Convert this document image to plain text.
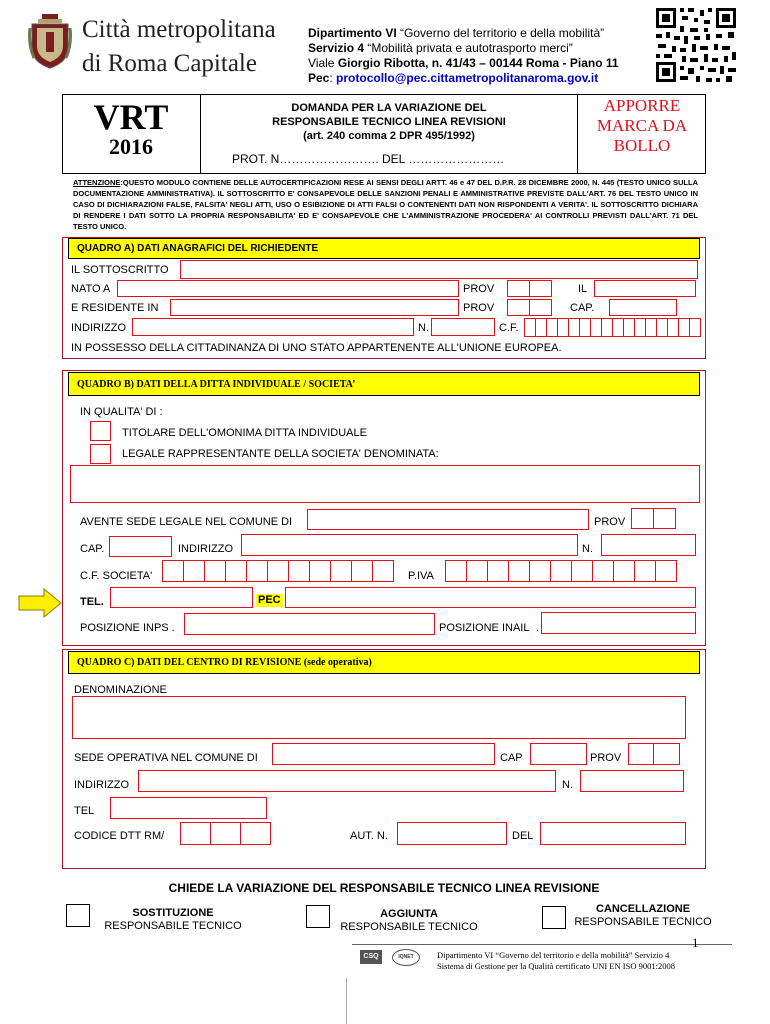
Città metropolitana
di Roma Capitale
Dipartimento VI “Governo del territorio e della mobilità”
Servizio 4 “Mobilità privata e autotrasporto merci”
Viale Giorgio Ribotta, n. 41/43 – 00144 Roma - Piano 11
Pec: protocollo@pec.cittametropolitanaroma.gov.it
VRT
2016
DOMANDA PER LA VARIAZIONE DEL
RESPONSABILE TECNICO LINEA REVISIONI
(art. 240 comma 2 DPR 495/1992)
PROT. N……………………. DEL ……………………
APPORRE
MARCA DA
BOLLO
ATTENZIONE:QUESTO MODULO CONTIENE DELLE AUTOCERTIFICAZIONI RESE AI SENSI DEGLI ARTT. 46 e 47 DEL D.P.R. 28 DICEMBRE 2000, N. 445 (TESTO UNICO SULLA DOCUMENTAZIONE AMMINISTRATIVA). IL SOTTOSCRITTO E' CONSAPEVOLE DELLE SANZIONI PENALI E AMMINISTRATIVE PREVISTE DALL'ART. 76 DEL TESTO UNICO IN CASO DI DICHIARAZIONI FALSE, FALSITA' NEGLI ATTI, USO O ESIBIZIONE DI ATTI FALSI O CONTENENTI DATI NON RISPONDENTI A VERITA'. IL SOTTOSCRITTO DICHIARA DI RENDERE I DATI SOTTO LA PROPRIA RESPONSABILITA' ED E' CONSAPEVOLE CHE L'AMMINISTRAZIONE PROCEDERA' AI CONTROLLI PREVISTI DALL'ART. 71 DEL TESTO UNICO.
QUADRO A) DATI ANAGRAFICI DEL RICHIEDENTE
IL SOTTOSCRITTO
NATO A	PROV	IL
E RESIDENTE IN	PROV	CAP.
INDIRIZZO	N.	C.F.
IN POSSESSO DELLA CITTADINANZA DI UNO STATO APPARTENENTE ALL'UNIONE EUROPEA.
QUADRO B) DATI DELLA DITTA INDIVIDUALE / SOCIETA’
IN QUALITA' DI :
TITOLARE DELL'OMONIMA DITTA INDIVIDUALE
LEGALE RAPPRESENTANTE DELLA SOCIETA' DENOMINATA:
AVENTE SEDE LEGALE NEL COMUNE DI	PROV
CAP.	INDIRIZZO	N.
C.F. SOCIETA'	P.IVA
TEL.	PEC
POSIZIONE INPS .	POSIZIONE INAIL .
QUADRO C) DATI DEL CENTRO DI REVISIONE (sede operativa)
DENOMINAZIONE
SEDE OPERATIVA NEL COMUNE DI	CAP	PROV
INDIRIZZO	N.
TEL
CODICE DTT RM/	AUT. N.	DEL
CHIEDE LA VARIAZIONE DEL RESPONSABILE TECNICO LINEA REVISIONE
SOSTITUZIONE
RESPONSABILE TECNICO
AGGIUNTA
RESPONSABILE TECNICO
CANCELLAZIONE
RESPONSABILE TECNICO
1
CSQ	IQNET	Dipartimento VI “Governo del territorio e della mobilità” Servizio 4
Sistema di Gestione per la Qualità certificato UNI EN ISO 9001:2008
